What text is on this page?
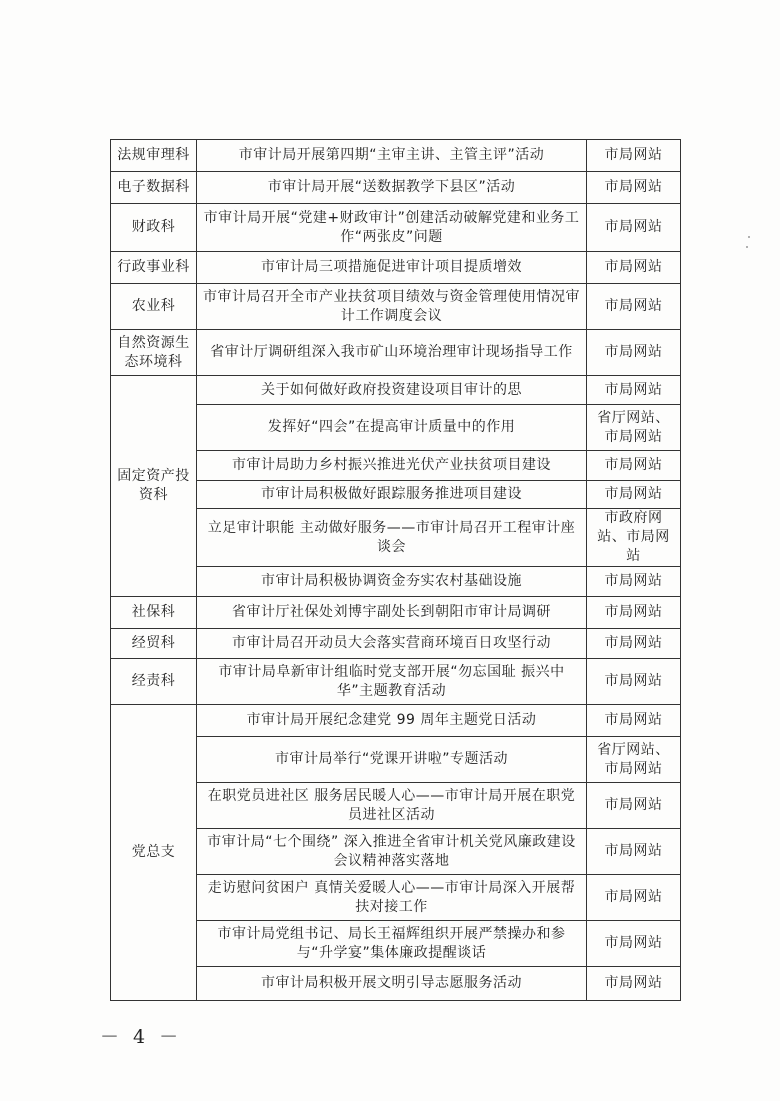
法规审理科	市审计局开展第四期“主审主讲、主管主评”活动	市局网站
电子数据科	市审计局开展“送数据教学下县区”活动	市局网站
财政科	市审计局开展“党建+财政审计”创建活动破解党建和业务工作“两张皮”问题	市局网站
行政事业科	市审计局三项措施促进审计项目提质增效	市局网站
农业科	市审计局召开全市产业扶贫项目绩效与资金管理使用情况审计工作调度会议	市局网站
自然资源生态环境科	省审计厅调研组深入我市矿山环境治理审计现场指导工作	市局网站
固定资产投资科	关于如何做好政府投资建设项目审计的思	市局网站
	发挥好“四会”在提高审计质量中的作用	省厅网站、市局网站
	市审计局助力乡村振兴推进光伏产业扶贫项目建设	市局网站
	市审计局积极做好跟踪服务推进项目建设	市局网站
	立足审计职能 主动做好服务——市审计局召开工程审计座谈会	市政府网站、市局网站
	市审计局积极协调资金夯实农村基础设施	市局网站
社保科	省审计厅社保处刘博宇副处长到朝阳市审计局调研	市局网站
经贸科	市审计局召开动员大会落实营商环境百日攻坚行动	市局网站
经责科	市审计局阜新审计组临时党支部开展“勿忘国耻 振兴中华”主题教育活动	市局网站
党总支	市审计局开展纪念建党 99 周年主题党日活动	市局网站
	市审计局举行“党课开讲啦”专题活动	省厅网站、市局网站
	在职党员进社区 服务居民暖人心——市审计局开展在职党员进社区活动	市局网站
	市审计局“七个围绕” 深入推进全省审计机关党风廉政建设会议精神落实落地	市局网站
	走访慰问贫困户 真情关爱暖人心——市审计局深入开展帮扶对接工作	市局网站
	市审计局党组书记、局长王福辉组织开展严禁操办和参与“升学宴”集体廉政提醒谈话	市局网站
	市审计局积极开展文明引导志愿服务活动	市局网站
－ 4 －
